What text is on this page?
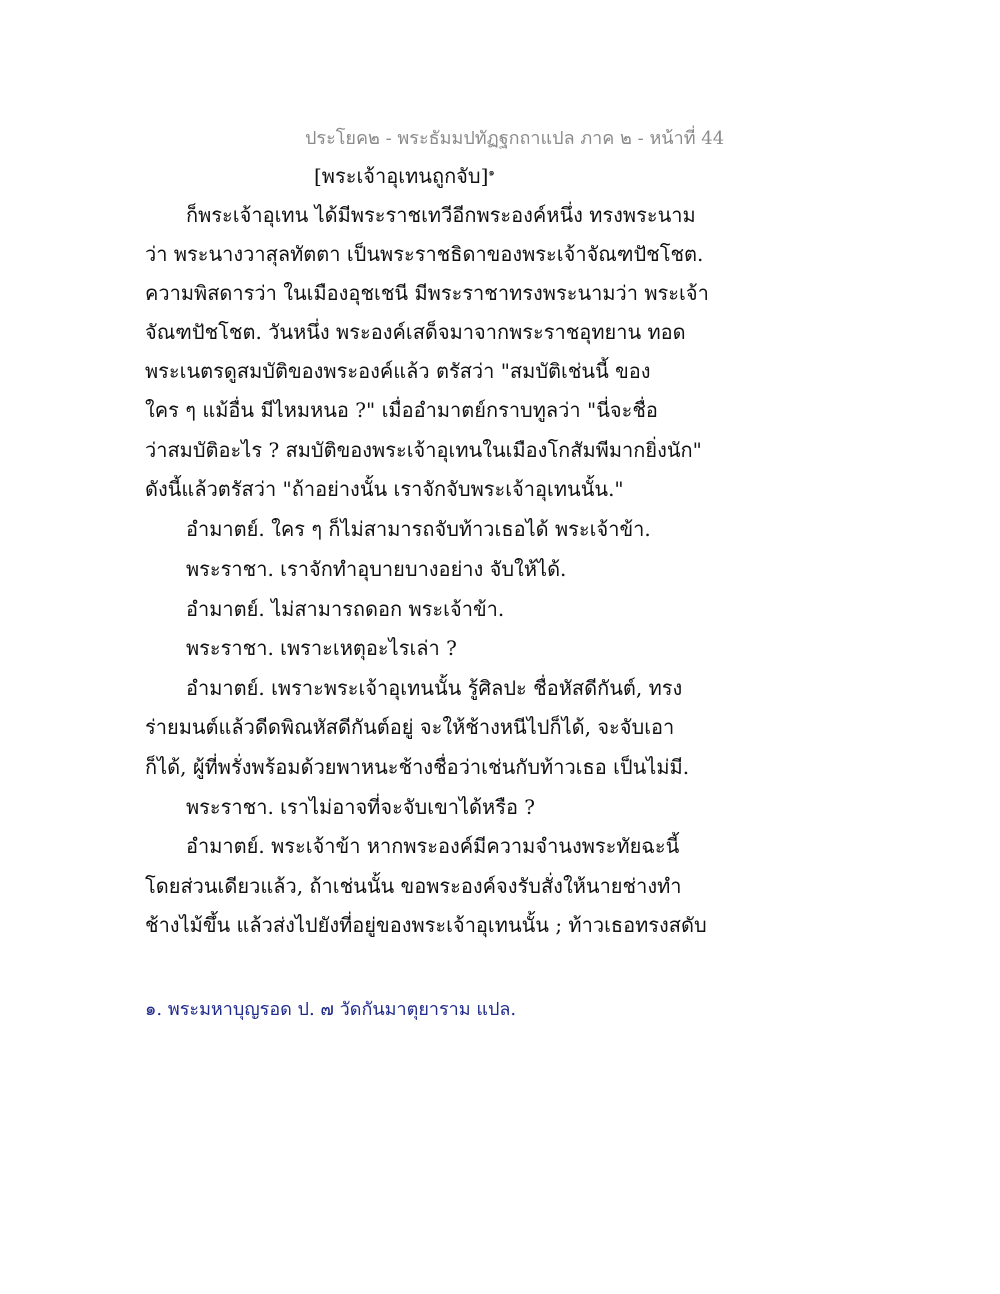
ประโยค๒ - พระธัมมปทัฏฐกถาแปล ภาค ๒ - หน้าที่ 44

[พระเจ้าอุเทนถูกจับ]$^๑$

ก็พระเจ้าอุเทน ได้มีพระราชเทวีอีกพระองค์หนึ่ง ทรงพระนาม

ว่า พระนางวาสุลทัตตา เป็นพระราชธิดาของพระเจ้าจัณฑปัชโชต.

ความพิสดารว่า ในเมืองอุชเชนี มีพระราชาทรงพระนามว่า พระเจ้า

จัณฑปัชโชต. วันหนึ่ง พระองค์เสด็จมาจากพระราชอุทยาน ทอด

พระเนตรดูสมบัติของพระองค์แล้ว ตรัสว่า "สมบัติเช่นนี้ ของ

ใคร ๆ แม้อื่น มีไหมหนอ ?" เมื่ออำมาตย์กราบทูลว่า "นี่จะชื่อ

ว่าสมบัติอะไร ? สมบัติของพระเจ้าอุเทนในเมืองโกสัมพีมากยิ่งนัก"

ดังนี้แล้วตรัสว่า "ถ้าอย่างนั้น เราจักจับพระเจ้าอุเทนนั้น."

อำมาตย์. ใคร ๆ ก็ไม่สามารถจับท้าวเธอได้ พระเจ้าข้า.

พระราชา. เราจักทำอุบายบางอย่าง จับให้ได้.

อำมาตย์. ไม่สามารถดอก พระเจ้าข้า.

พระราชา. เพราะเหตุอะไรเล่า ?

อำมาตย์. เพราะพระเจ้าอุเทนนั้น รู้ศิลปะ ชื่อหัสดีกันต์, ทรง

ร่ายมนต์แล้วดีดพิณหัสดีกันต์อยู่ จะให้ช้างหนีไปก็ได้, จะจับเอา

ก็ได้, ผู้ที่พรั่งพร้อมด้วยพาหนะช้างชื่อว่าเช่นกับท้าวเธอ เป็นไม่มี.

พระราชา. เราไม่อาจที่จะจับเขาได้หรือ ?

อำมาตย์. พระเจ้าข้า หากพระองค์มีความจำนงพระทัยฉะนี้

โดยส่วนเดียวแล้ว, ถ้าเช่นนั้น ขอพระองค์จงรับสั่งให้นายช่างทำ

ช้างไม้ขึ้น แล้วส่งไปยังที่อยู่ของพระเจ้าอุเทนนั้น ; ท้าวเธอทรงสดับ

๑. พระมหาบุญรอด ป. ๗ วัดกันมาตุยาราม แปล.
